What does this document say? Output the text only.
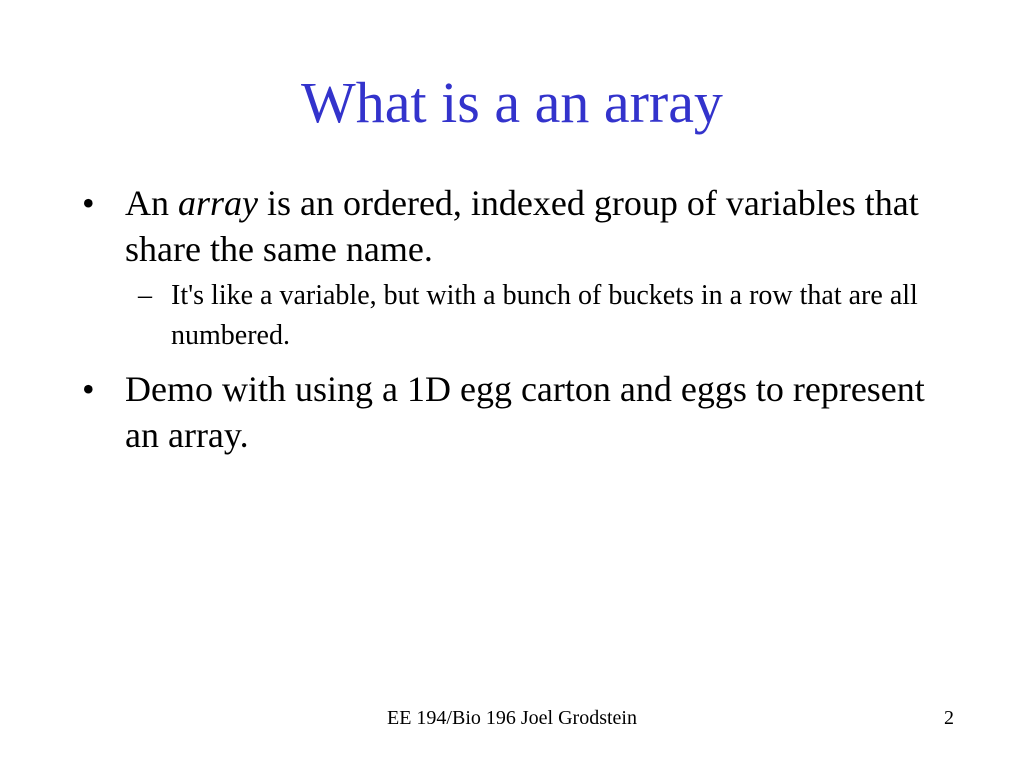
What is a an array
• An array is an ordered, indexed group of variables that share the same name.
– It's like a variable, but with a bunch of buckets in a row that are all numbered.
• Demo with using a 1D egg carton and eggs to represent an array.
EE 194/Bio 196 Joel Grodstein	2
